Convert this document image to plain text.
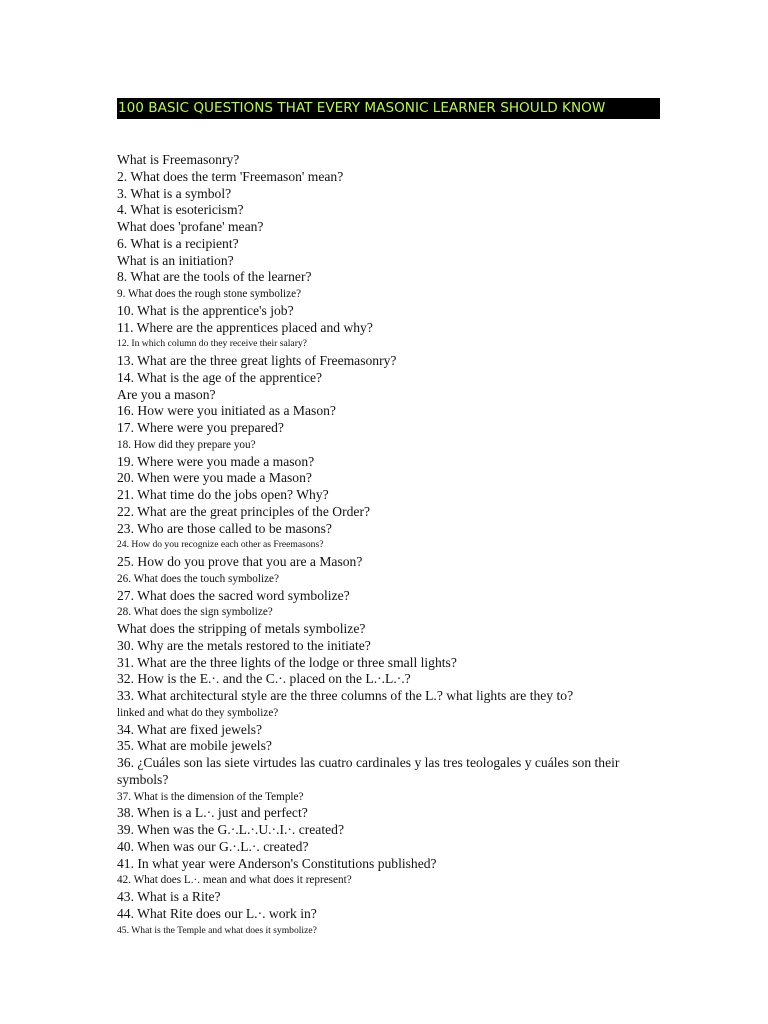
100 BASIC QUESTIONS THAT EVERY MASONIC LEARNER SHOULD KNOW
What is Freemasonry?
2. What does the term 'Freemason' mean?
3. What is a symbol?
4. What is esotericism?
What does 'profane' mean?
6. What is a recipient?
What is an initiation?
8. What are the tools of the learner?
9. What does the rough stone symbolize?
10. What is the apprentice's job?
11. Where are the apprentices placed and why?
12. In which column do they receive their salary?
13. What are the three great lights of Freemasonry?
14. What is the age of the apprentice?
Are you a mason?
16. How were you initiated as a Mason?
17. Where were you prepared?
18. How did they prepare you?
19. Where were you made a mason?
20. When were you made a Mason?
21. What time do the jobs open? Why?
22. What are the great principles of the Order?
23. Who are those called to be masons?
24. How do you recognize each other as Freemasons?
25. How do you prove that you are a Mason?
26. What does the touch symbolize?
27. What does the sacred word symbolize?
28. What does the sign symbolize?
What does the stripping of metals symbolize?
30. Why are the metals restored to the initiate?
31. What are the three lights of the lodge or three small lights?
32. How is the E.·. and the C.·. placed on the L.·.L.·.?
33. What architectural style are the three columns of the L.? what lights are they to?
linked and what do they symbolize?
34. What are fixed jewels?
35. What are mobile jewels?
36. ¿Cuáles son las siete virtudes las cuatro cardinales y las tres teologales y cuáles son their symbols?
37. What is the dimension of the Temple?
38. When is a L.·. just and perfect?
39. When was the G.·.L.·.U.·.I.·. created?
40. When was our G.·.L.·. created?
41. In what year were Anderson's Constitutions published?
42. What does L.·. mean and what does it represent?
43. What is a Rite?
44. What Rite does our L.·. work in?
45. What is the Temple and what does it symbolize?
